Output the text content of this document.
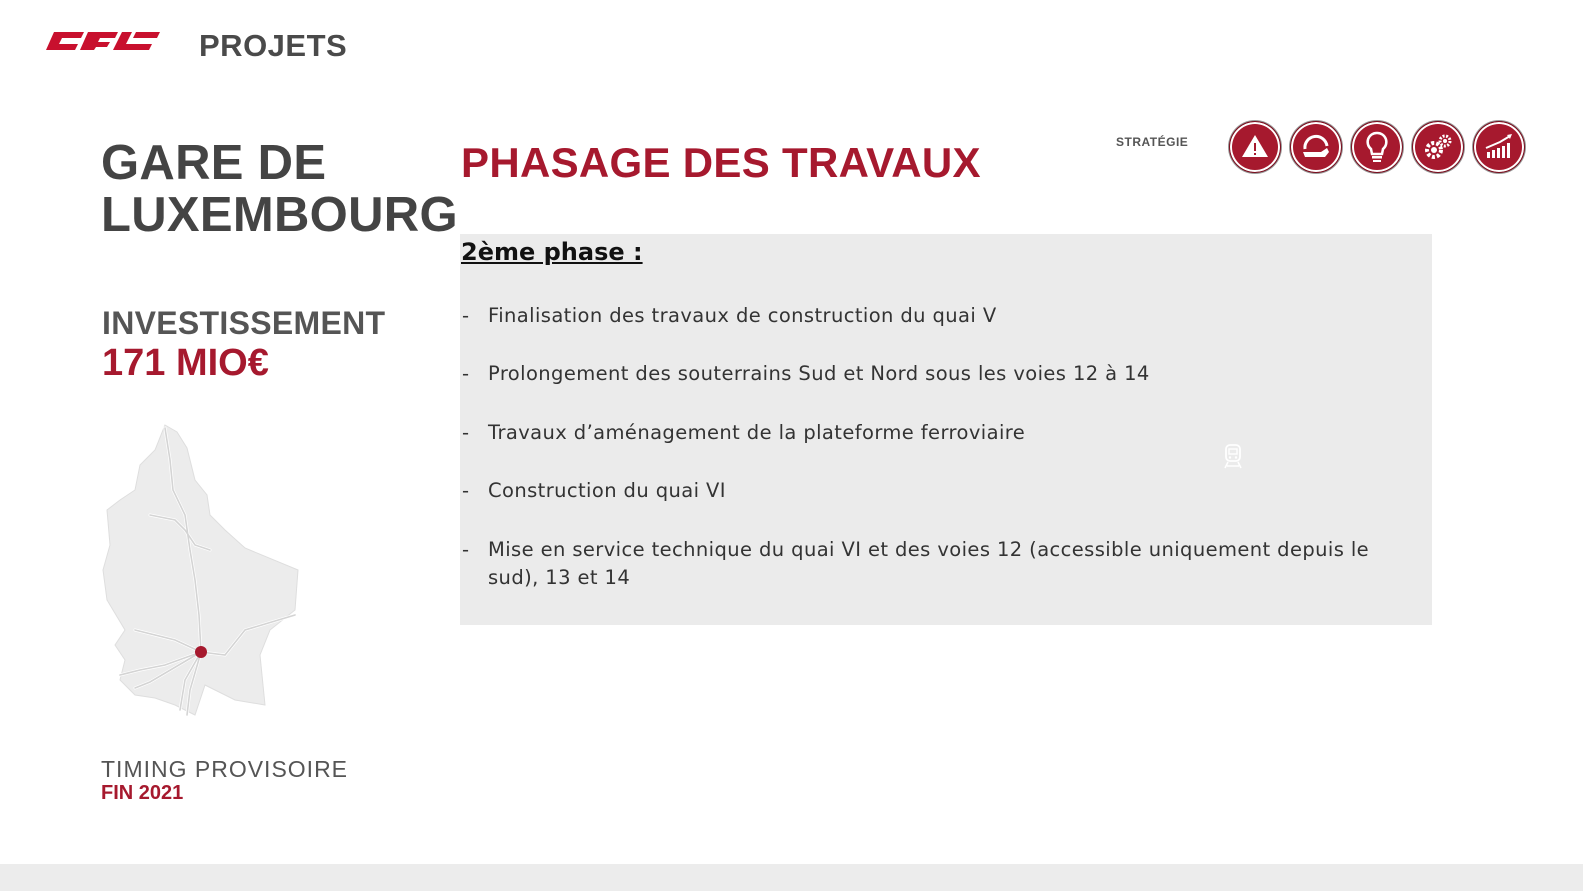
PROJETS
GARE DE
LUXEMBOURG
INVESTISSEMENT
171 MIO€
TIMING PROVISOIRE
FIN 2021
PHASAGE DES TRAVAUX	STRATÉGIE
2ème phase :
- Finalisation des travaux de construction du quai V
- Prolongement des souterrains Sud et Nord sous les voies 12 à 14
- Travaux d’aménagement de la plateforme ferroviaire
- Construction du quai VI
- Mise en service technique du quai VI et des voies 12 (accessible uniquement depuis le sud), 13 et 14
